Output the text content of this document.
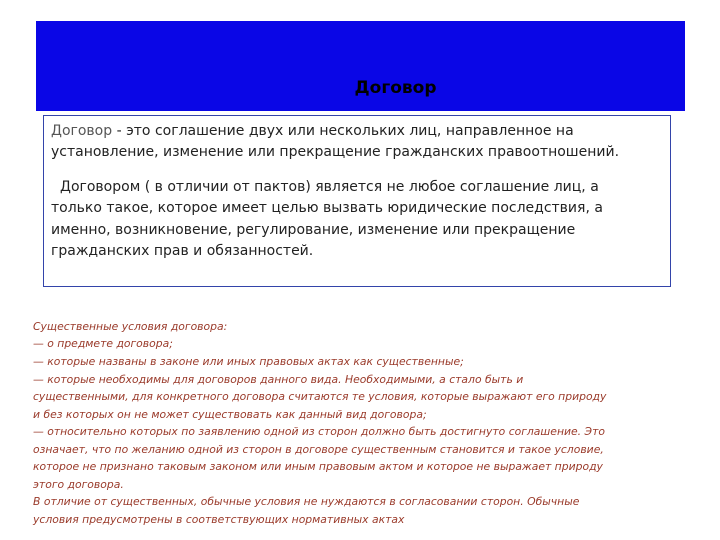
Договор
Договор - это соглашение двух или нескольких лиц, направленное на
установление, изменение или прекращение гражданских правоотношений.
Договором ( в отличии от пактов) является не любое соглашение лиц, а
только такое, которое имеет целью вызвать юридические последствия, а
именно, возникновение, регулирование, изменение или прекращение
гражданских прав и обязанностей.
Существенные условия договора:
— о предмете договора;
— которые названы в законе или иных правовых актах как существенные;
— которые необходимы для договоров данного вида. Необходимыми, а стало быть и
существенными, для конкретного договора считаются те условия, которые выражают его природу
и без которых он не может существовать как данный вид договора;
— относительно которых по заявлению одной из сторон должно быть достигнуто соглашение. Это
означает, что по желанию одной из сторон в договоре существенным становится и такое условие,
которое не признано таковым законом или иным правовым актом и которое не выражает природу
этого договора.
В отличие от существенных, обычные условия не нуждаются в согласовании сторон. Обычные
условия предусмотрены в соответствующих нормативных актах
